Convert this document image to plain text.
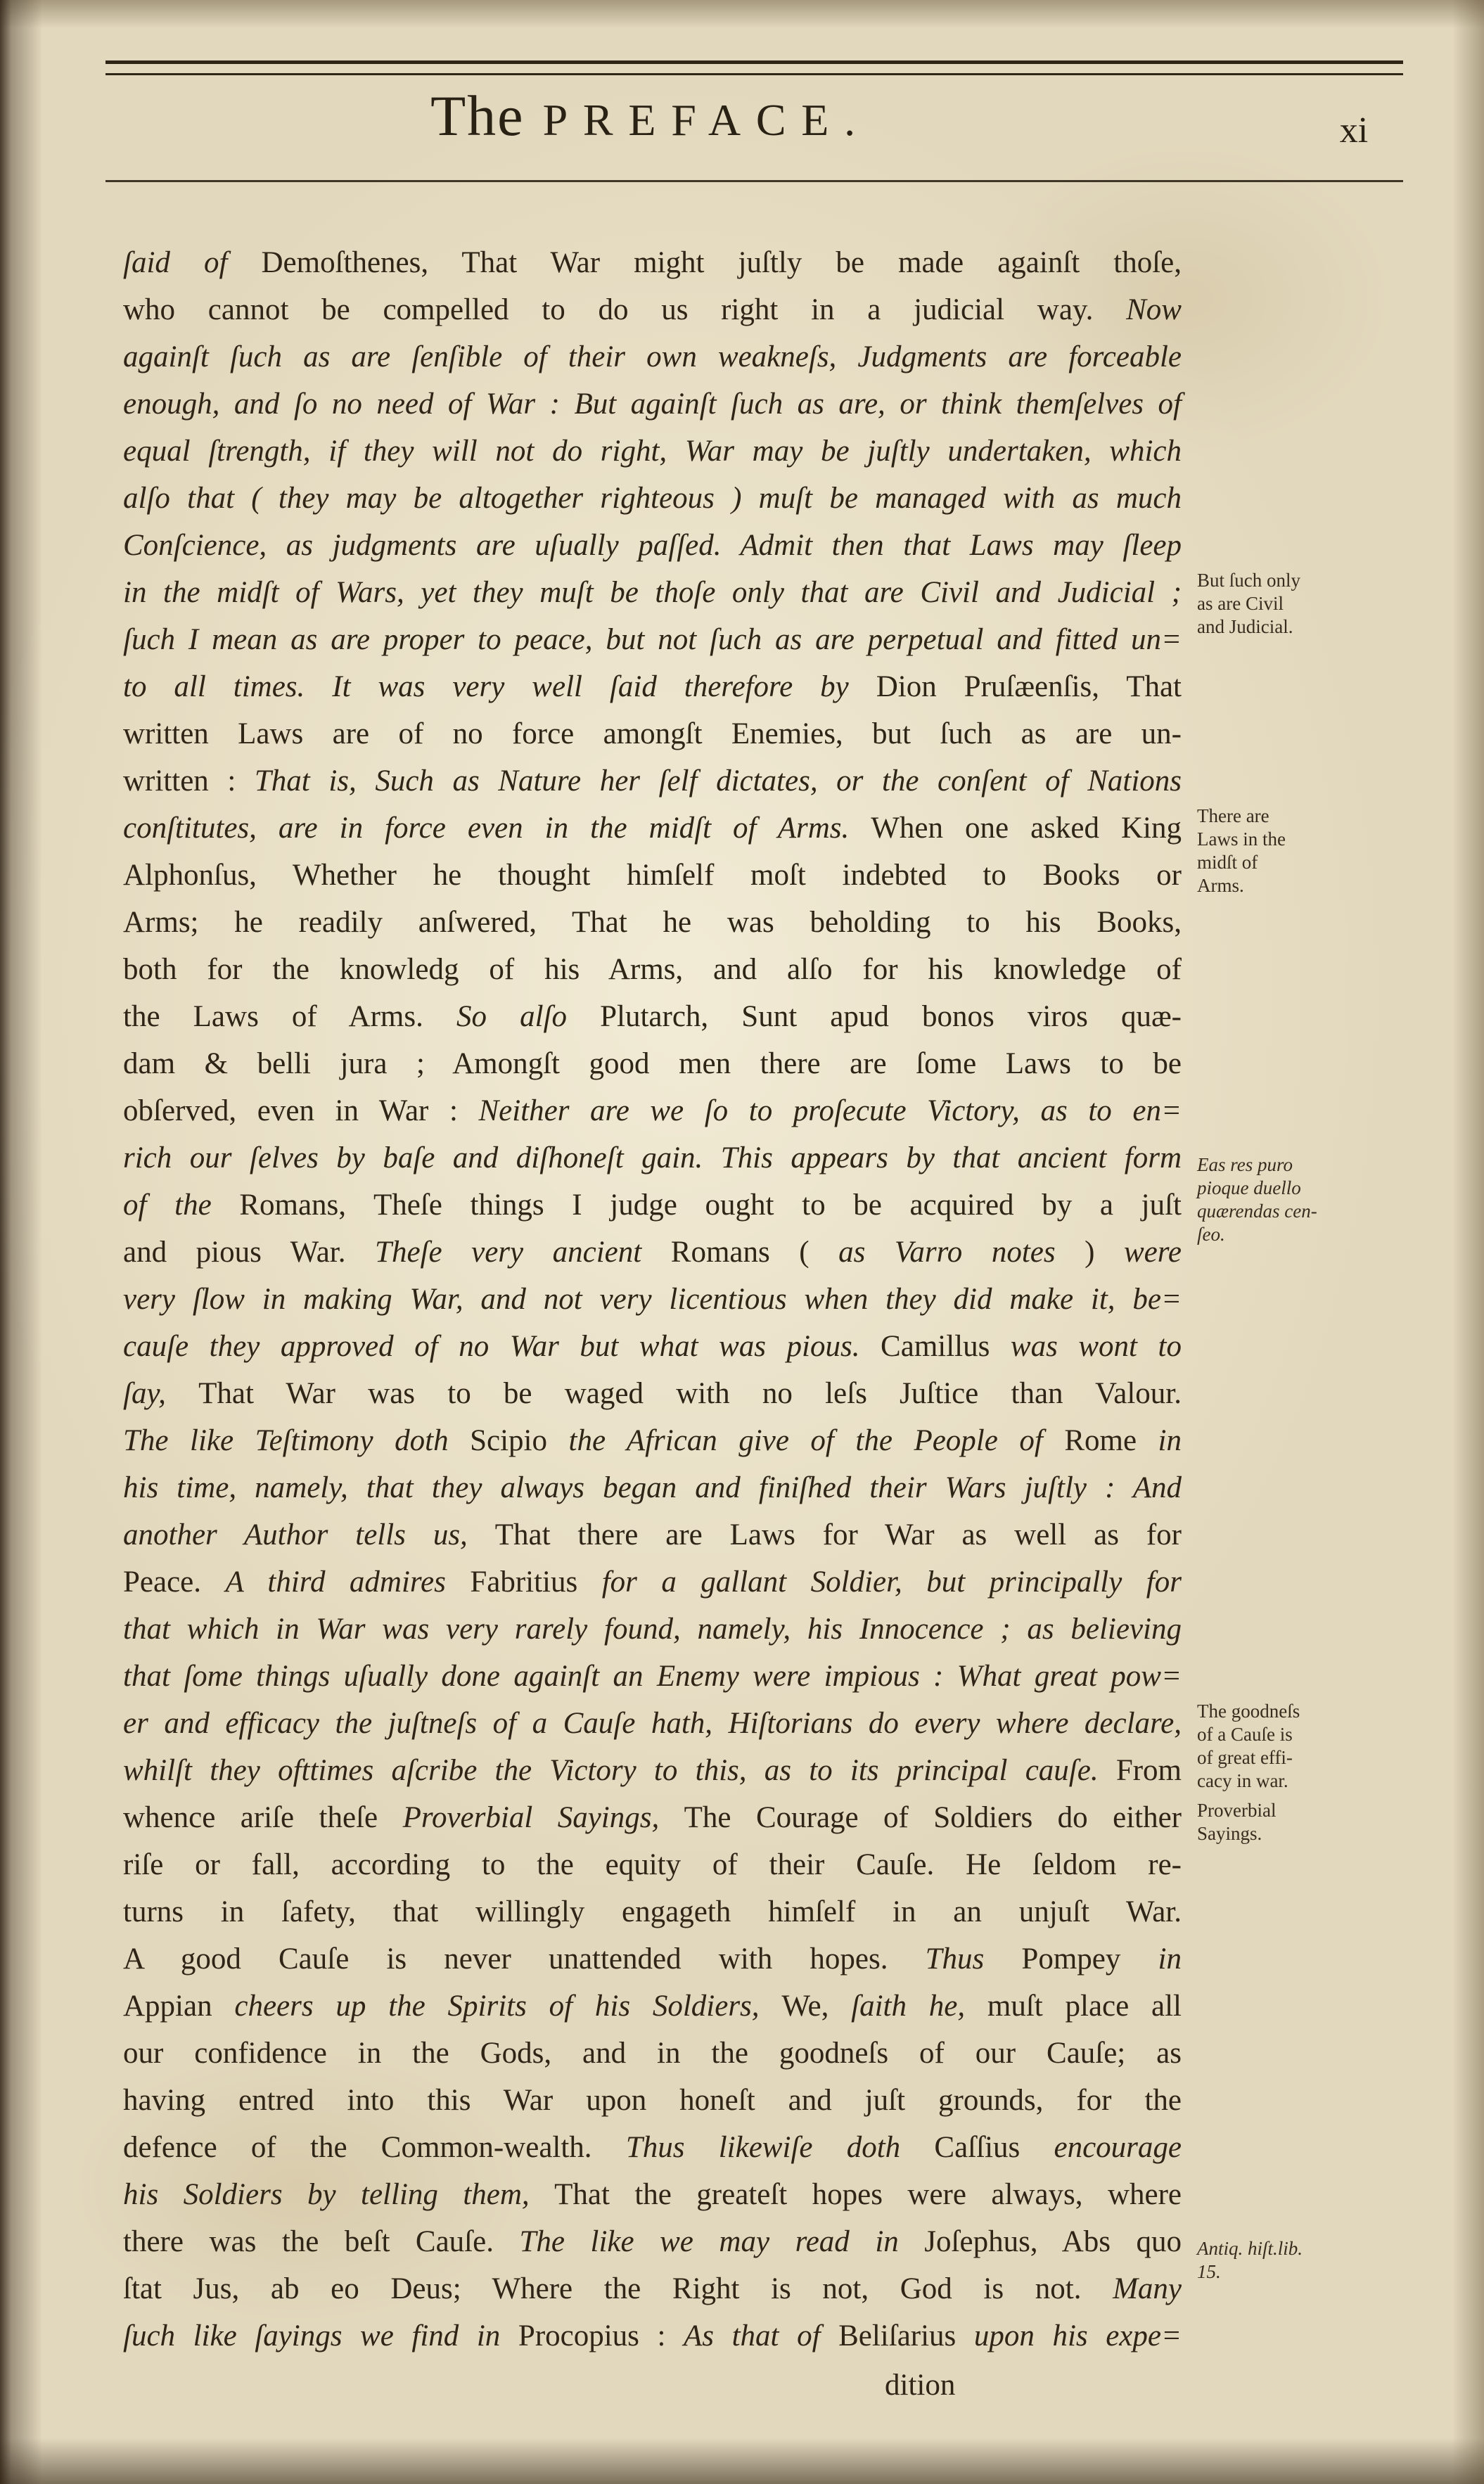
The PREFACE.	xi
ſaid of Demoſthenes, That War might juſtly be made againſt thoſe,
who cannot be compelled to do us right in a judicial way. Now
againſt ſuch as are ſenſible of their own weakneſs, Judgments are forceable
enough, and ſo no need of War : But againſt ſuch as are, or think themſelves of
equal ſtrength, if they will not do right, War may be juſtly undertaken, which
alſo that ( they may be altogether righteous ) muſt be managed with as much
Conſcience, as judgments are uſually paſſed. Admit then that Laws may ſleep
in the midſt of Wars, yet they muſt be thoſe only that are Civil and Judicial ;
ſuch I mean as are proper to peace, but not ſuch as are perpetual and fitted un=
to all times. It was very well ſaid therefore by Dion Pruſæenſis, That
written Laws are of no force amongſt Enemies, but ſuch as are un-
written : That is, Such as Nature her ſelf dictates, or the conſent of Nations
conſtitutes, are in force even in the midſt of Arms. When one asked King
Alphonſus, Whether he thought himſelf moſt indebted to Books or
Arms; he readily anſwered, That he was beholding to his Books,
both for the knowledg of his Arms, and alſo for his knowledge of
the Laws of Arms. So alſo Plutarch, Sunt apud bonos viros quæ-
dam & belli jura ; Amongſt good men there are ſome Laws to be
obſerved, even in War : Neither are we ſo to proſecute Victory, as to en=
rich our ſelves by baſe and diſhoneſt gain. This appears by that ancient form
of the Romans, Theſe things I judge ought to be acquired by a juſt
and pious War. Theſe very ancient Romans ( as Varro notes ) were
very ſlow in making War, and not very licentious when they did make it, be=
cauſe they approved of no War but what was pious. Camillus was wont to
ſay, That War was to be waged with no leſs Juſtice than Valour.
The like Teſtimony doth Scipio the African give of the People of Rome in
his time, namely, that they always began and finiſhed their Wars juſtly : And
another Author tells us, That there are Laws for War as well as for
Peace. A third admires Fabritius for a gallant Soldier, but principally for
that which in War was very rarely found, namely, his Innocence ; as believing
that ſome things uſually done againſt an Enemy were impious : What great pow=
er and efficacy the juſtneſs of a Cauſe hath, Hiſtorians do every where declare,
whilſt they ofttimes aſcribe the Victory to this, as to its principal cauſe. From
whence ariſe theſe Proverbial Sayings, The Courage of Soldiers do either
riſe or fall, according to the equity of their Cauſe. He ſeldom re-
turns in ſafety, that willingly engageth himſelf in an unjuſt War.
A good Cauſe is never unattended with hopes. Thus Pompey in
Appian cheers up the Spirits of his Soldiers, We, ſaith he, muſt place all
our confidence in the Gods, and in the goodneſs of our Cauſe; as
having entred into this War upon honeſt and juſt grounds, for the
defence of the Common-wealth. Thus likewiſe doth Caſſius encourage
his Soldiers by telling them, That the greateſt hopes were always, where
there was the beſt Cauſe. The like we may read in Joſephus, Abs quo
ſtat Jus, ab eo Deus; Where the Right is not, God is not. Many
ſuch like ſayings we find in Procopius : As that of Beliſarius upon his expe=
But ſuch only
as are Civil
and Judicial.
There are
Laws in the
midſt of
Arms.
Eas res puro
pioque duello
quærendas cen-
ſeo.
The goodneſs
of a Cauſe is
of great effi-
cacy in war.
Proverbial
Sayings.
Antiq. hiſt.lib.
15.
dition
